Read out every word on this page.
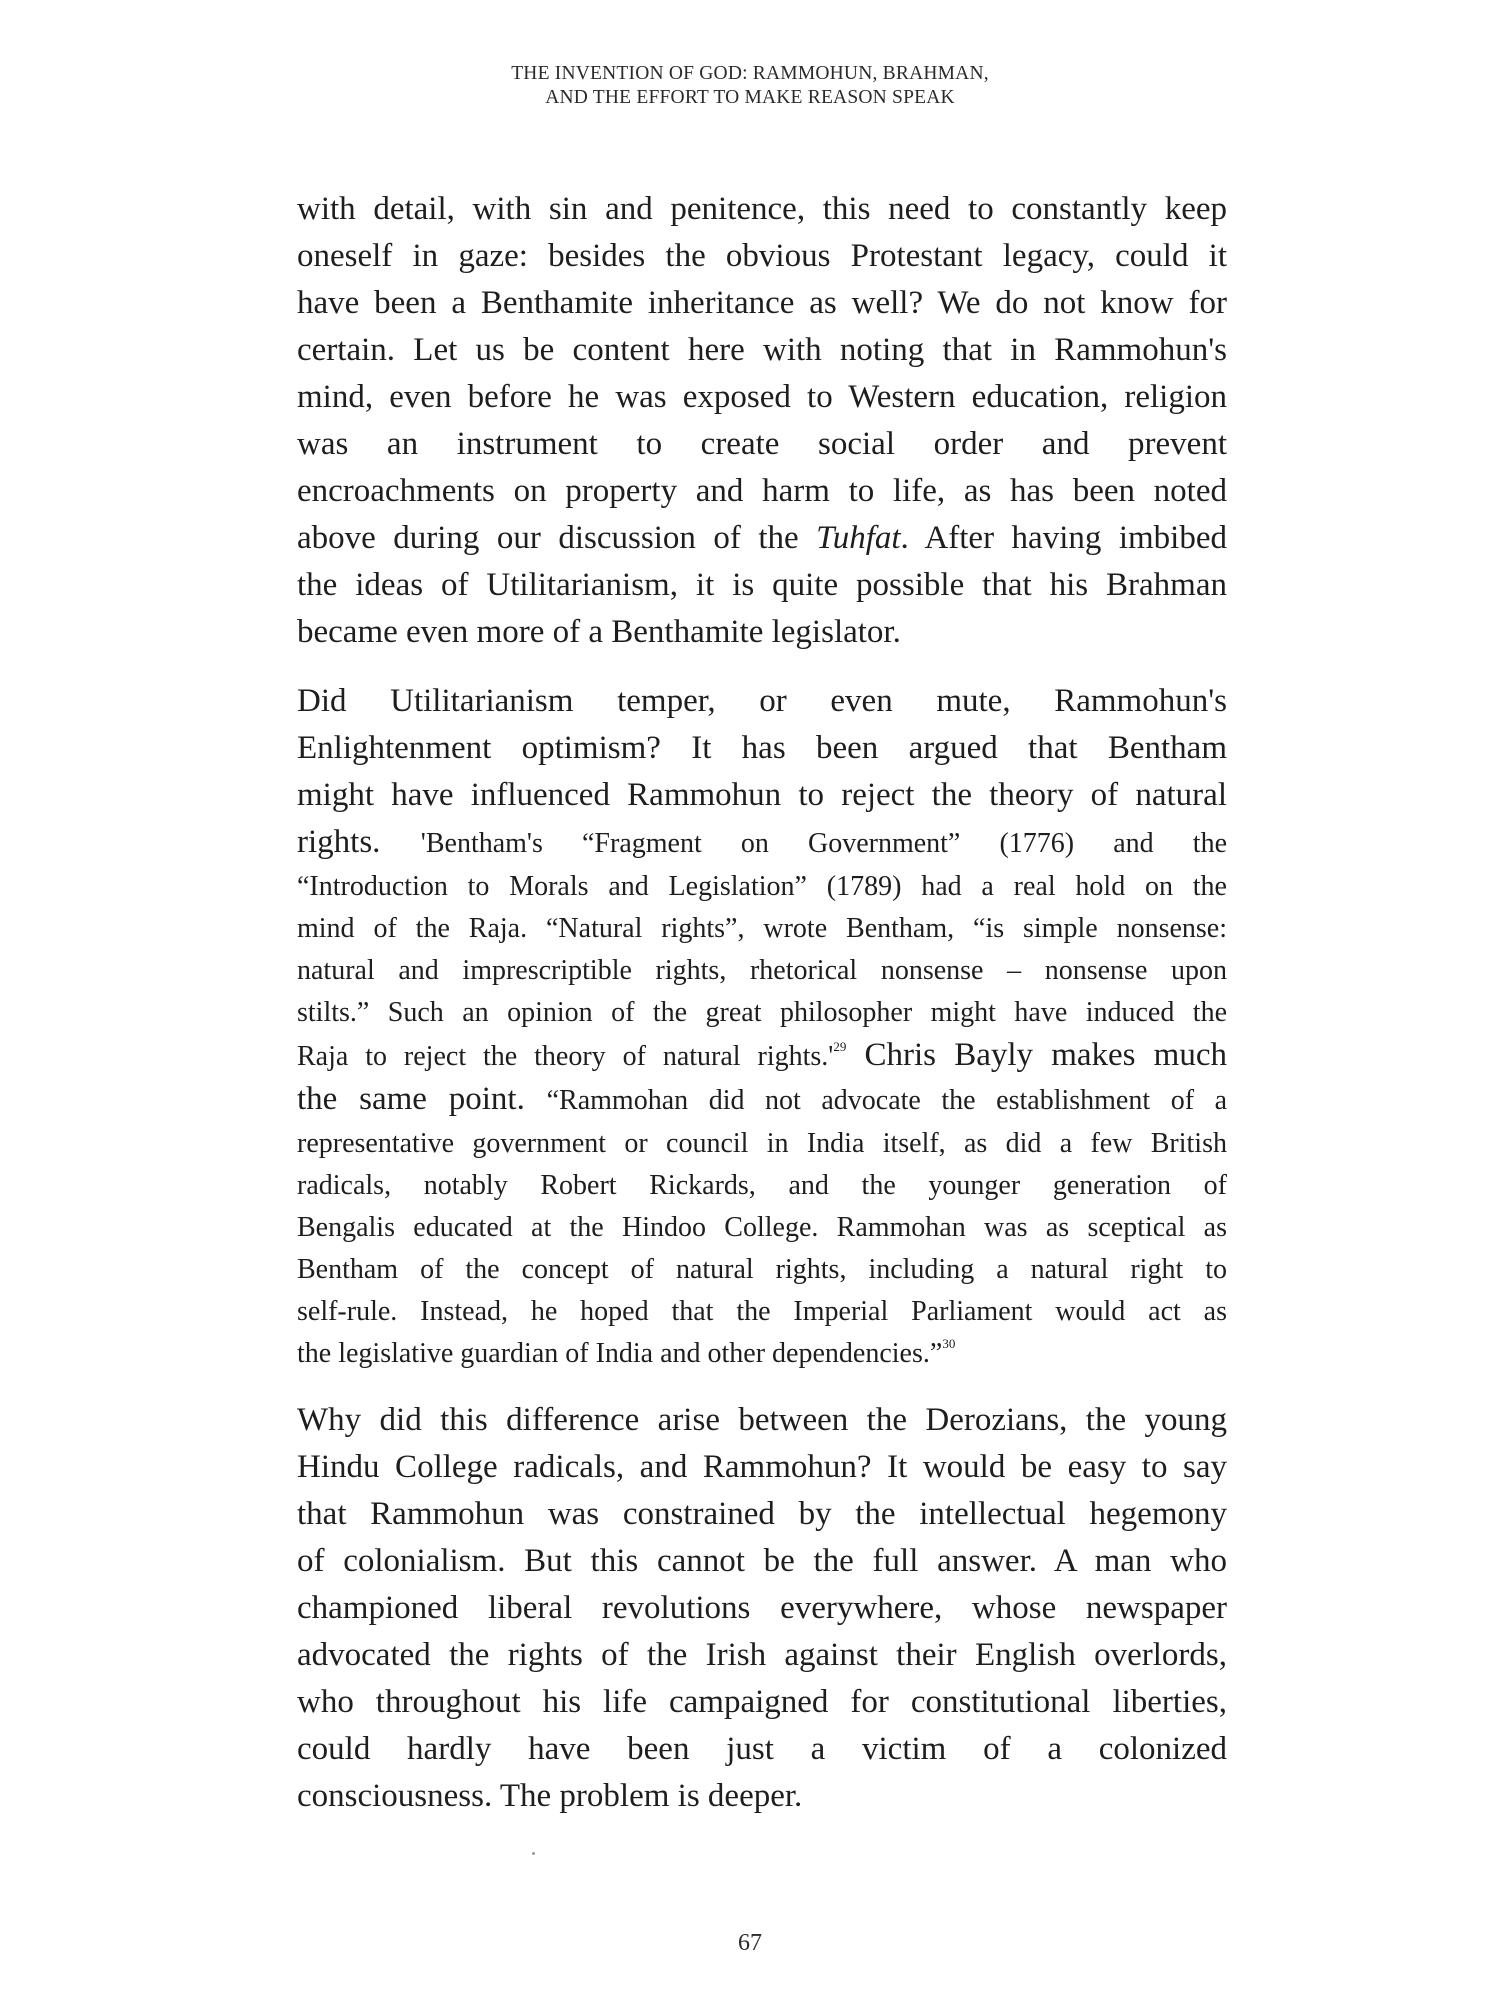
THE INVENTION OF GOD: RAMMOHUN, BRAHMAN,
AND THE EFFORT TO MAKE REASON SPEAK
with detail, with sin and penitence, this need to constantly keep
oneself in gaze: besides the obvious Protestant legacy, could it
have been a Benthamite inheritance as well? We do not know for
certain. Let us be content here with noting that in Rammohun's
mind, even before he was exposed to Western education, religion
was an instrument to create social order and prevent
encroachments on property and harm to life, as has been noted
above during our discussion of the Tuhfat. After having imbibed
the ideas of Utilitarianism, it is quite possible that his Brahman
became even more of a Benthamite legislator.
Did Utilitarianism temper, or even mute, Rammohun's
Enlightenment optimism? It has been argued that Bentham
might have influenced Rammohun to reject the theory of natural
rights. 'Bentham's “Fragment on Government” (1776) and the
“Introduction to Morals and Legislation” (1789) had a real hold on the
mind of the Raja. “Natural rights”, wrote Bentham, “is simple nonsense:
natural and imprescriptible rights, rhetorical nonsense – nonsense upon
stilts.” Such an opinion of the great philosopher might have induced the
Raja to reject the theory of natural $rights.'^{29}$ Chris Bayly makes much
the same point. “Rammohan did not advocate the establishment of a
representative government or council in India itself, as did a few British
radicals, notably Robert Rickards, and the younger generation of
Bengalis educated at the Hindoo College. Rammohan was as sceptical as
Bentham of the concept of natural rights, including a natural right to
self-rule. Instead, he hoped that the Imperial Parliament would act as
the legislative guardian of India and other dependencies.”$^{30}$
Why did this difference arise between the Derozians, the young
Hindu College radicals, and Rammohun? It would be easy to say
that Rammohun was constrained by the intellectual hegemony
of colonialism. But this cannot be the full answer. A man who
championed liberal revolutions everywhere, whose newspaper
advocated the rights of the Irish against their English overlords,
who throughout his life campaigned for constitutional liberties,
could hardly have been just a victim of a colonized
consciousness. The problem is deeper.
67
